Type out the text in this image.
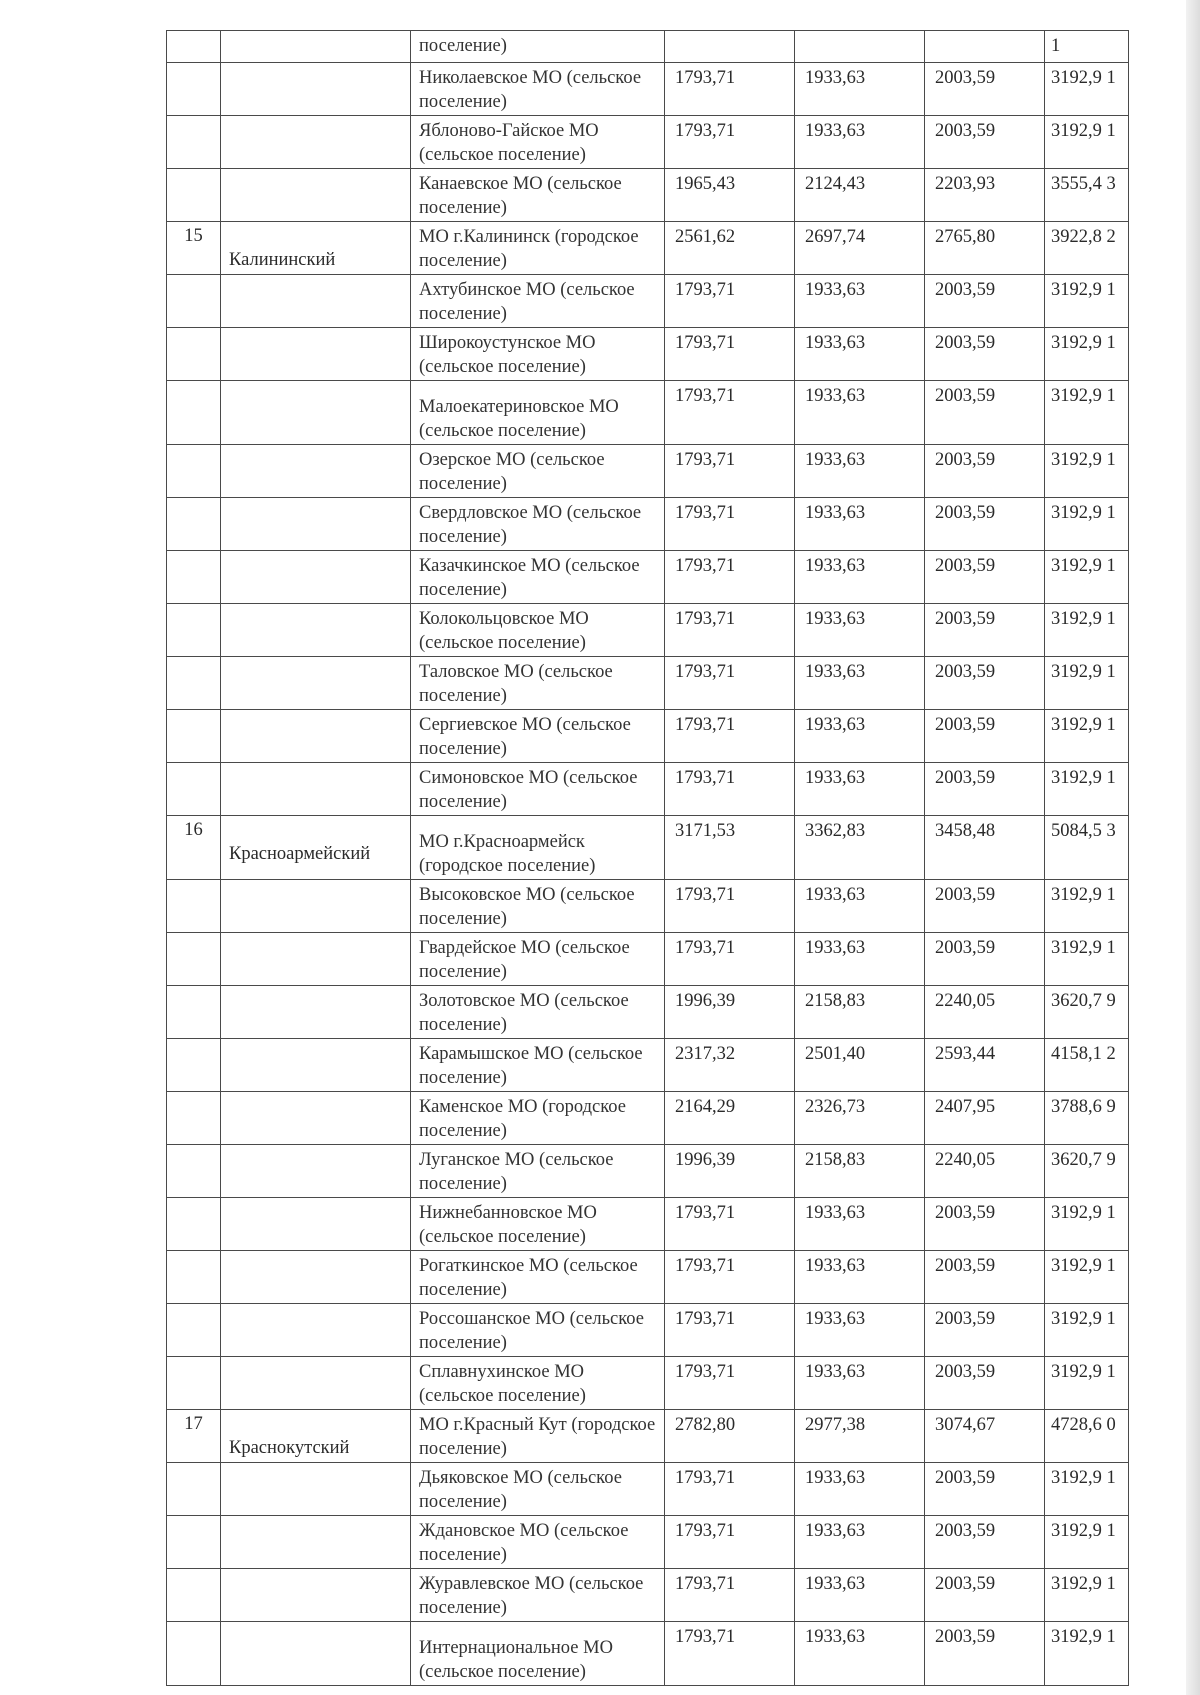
		поселение)				1
		Николаевское МО (сельское поселение)	1793,71	1933,63	2003,59	3192,9 1
		Яблоново-Гайское МО (сельское поселение)	1793,71	1933,63	2003,59	3192,9 1
		Канаевское МО (сельское поселение)	1965,43	2124,43	2203,93	3555,4 3
15	Калининский	МО г.Калининск (городское поселение)	2561,62	2697,74	2765,80	3922,8 2
		Ахтубинское МО (сельское поселение)	1793,71	1933,63	2003,59	3192,9 1
		Широкоустунское МО (сельское поселение)	1793,71	1933,63	2003,59	3192,9 1
		Малоекатериновское МО (сельское поселение)	1793,71	1933,63	2003,59	3192,9 1
		Озерское МО (сельское поселение)	1793,71	1933,63	2003,59	3192,9 1
		Свердловское МО (сельское поселение)	1793,71	1933,63	2003,59	3192,9 1
		Казачкинское МО (сельское поселение)	1793,71	1933,63	2003,59	3192,9 1
		Колокольцовское МО (сельское поселение)	1793,71	1933,63	2003,59	3192,9 1
		Таловское МО (сельское поселение)	1793,71	1933,63	2003,59	3192,9 1
		Сергиевское МО (сельское поселение)	1793,71	1933,63	2003,59	3192,9 1
		Симоновское МО (сельское поселение)	1793,71	1933,63	2003,59	3192,9 1
16	Красноармейский	МО г.Красноармейск (городское поселение)	3171,53	3362,83	3458,48	5084,5 3
		Высоковское МО (сельское поселение)	1793,71	1933,63	2003,59	3192,9 1
		Гвардейское МО (сельское поселение)	1793,71	1933,63	2003,59	3192,9 1
		Золотовское МО (сельское поселение)	1996,39	2158,83	2240,05	3620,7 9
		Карамышское МО (сельское поселение)	2317,32	2501,40	2593,44	4158,1 2
		Каменское МО (городское поселение)	2164,29	2326,73	2407,95	3788,6 9
		Луганское МО (сельское поселение)	1996,39	2158,83	2240,05	3620,7 9
		Нижнебанновское МО (сельское поселение)	1793,71	1933,63	2003,59	3192,9 1
		Рогаткинское МО (сельское поселение)	1793,71	1933,63	2003,59	3192,9 1
		Россошанское МО (сельское поселение)	1793,71	1933,63	2003,59	3192,9 1
		Сплавнухинское МО (сельское поселение)	1793,71	1933,63	2003,59	3192,9 1
17	Краснокутский	МО г.Красный Кут (городское поселение)	2782,80	2977,38	3074,67	4728,6 0
		Дьяковское МО (сельское поселение)	1793,71	1933,63	2003,59	3192,9 1
		Ждановское МО (сельское поселение)	1793,71	1933,63	2003,59	3192,9 1
		Журавлевское МО (сельское поселение)	1793,71	1933,63	2003,59	3192,9 1
		Интернациональное МО (сельское поселение)	1793,71	1933,63	2003,59	3192,9 1
